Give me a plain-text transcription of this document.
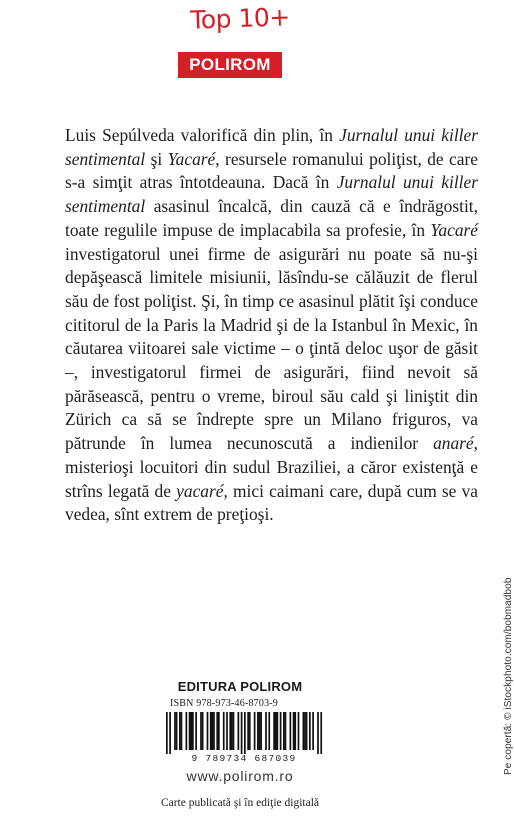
Top 10+
POLIROM

Luis Sepúlveda valorifică din plin, în Jurnalul unui killer sentimental şi Yacaré, resursele romanului poliţist, de care s-a simţit atras întotdeauna. Dacă în Jurnalul unui killer sentimental asasinul încalcă, din cauză că e îndrăgostit, toate regulile impuse de implacabila sa profesie, în Yacaré investigatorul unei firme de asigurări nu poate să nu-şi depăşească limitele misiunii, lăsîndu-se călăuzit de flerul său de fost poliţist. Şi, în timp ce asasinul plătit îşi conduce cititorul de la Paris la Madrid şi de la Istanbul în Mexic, în căutarea viitoarei sale victime – o ţintă deloc uşor de găsit –, investigatorul firmei de asigurări, fiind nevoit să părăsească, pentru o vreme, biroul său cald şi liniştit din Zürich ca să se îndrepte spre un Milano friguros, va pătrunde în lumea necunoscută a indienilor anaré, misterioşi locuitori din sudul Braziliei, a căror existenţă e strîns legată de yacaré, mici caimani care, după cum se va vedea, sînt extrem de preţioşi.

EDITURA POLIROM
ISBN 978-973-46-8703-9
9 789734 687039
www.polirom.ro
Carte publicată şi în ediţie digitală
Pe copertă: © iStockphoto.com/bobmadbob
